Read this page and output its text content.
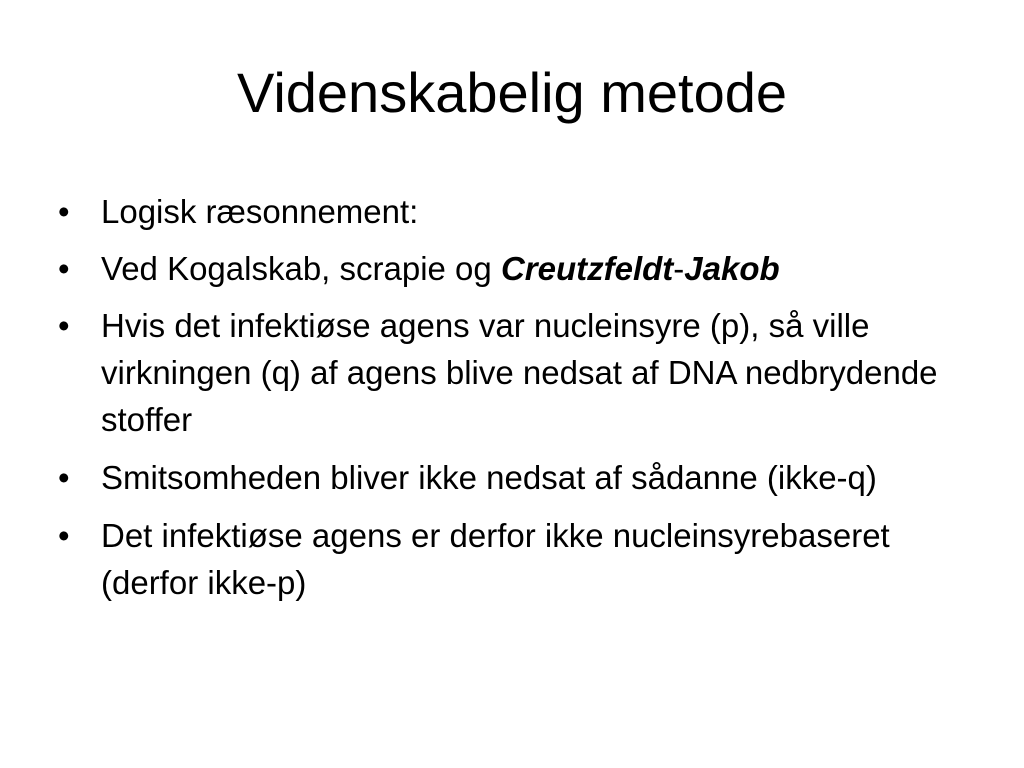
Videnskabelig metode
• Logisk ræsonnement:
• Ved Kogalskab, scrapie og Creutzfeldt-Jakob
• Hvis det infektiøse agens var nucleinsyre (p), så ville virkningen (q) af agens blive nedsat af DNA nedbrydende stoffer
• Smitsomheden bliver ikke nedsat af sådanne (ikke-q)
• Det infektiøse agens er derfor ikke nucleinsyrebaseret (derfor ikke-p)
